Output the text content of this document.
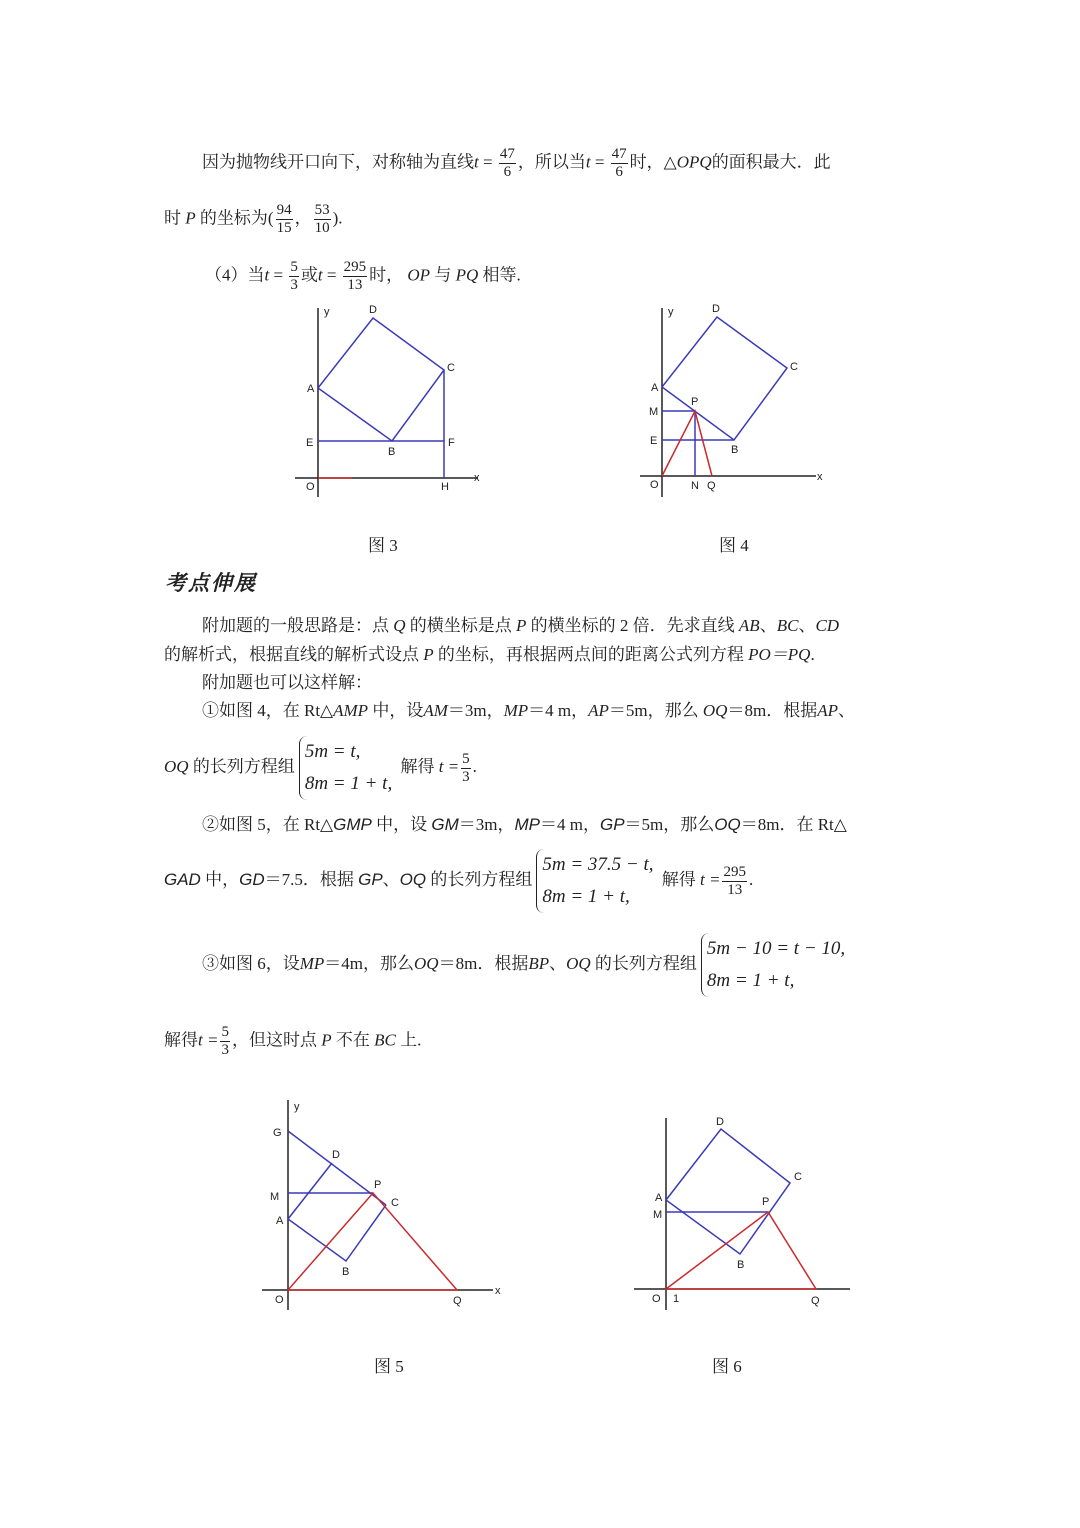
因为抛物线开口向下，对称轴为直线$t = \frac{47}{6}$ ，所以当$t = \frac{47}{6}$ 时，△OPQ的面积最大．此
时 P 的坐标为( $\frac{94}{15}$ ， $\frac{53}{10}$ ).
（4）当$t = \frac{5}{3}$ 或$t = \frac{295}{13}$ 时， OP 与 PQ 相等.
y	D
C
A
E
B
F
O	H
x
y	D
C
A
P
M
E
B
O	N Q
x
y
G
D
P
M	C
A
B
O	Q
x
D
C
A	P
M
B
O 1	Q
图 3	图 4
考点伸展
附加题的一般思路是：点 Q 的横坐标是点 P 的横坐标的 2 倍．先求直线 AB、BC、CD
的解析式，根据直线的解析式设点 P 的坐标，再根据两点间的距离公式列方程 PO＝PQ.
附加题也可以这样解：
①如图 4，在 Rt△AMP 中，设AM＝3m，MP＝4 m，AP＝5m，那么 OQ＝8m．根据AP、
OQ 的长列方程组
5m = t,
8m = 1 + t,
解得 $t = \frac{5}{3}$ .
②如图 5，在 Rt△GMP 中，设 GM＝3m，MP＝4 m，GP＝5m，那么OQ＝8m．在 Rt△
GAD 中，GD＝7.5．根据 GP、OQ 的长列方程组
5m = 37.5 − t,
8m = 1 + t,
解得 $t = \frac{295}{13}$ .
③如图 6，设MP＝4m，那么OQ＝8m．根据BP、OQ 的长列方程组
5m − 10 = t − 10,
8m = 1 + t,
解得$t = \frac{5}{3}$ ，但这时点 P 不在 BC 上.
图 5	图 6
